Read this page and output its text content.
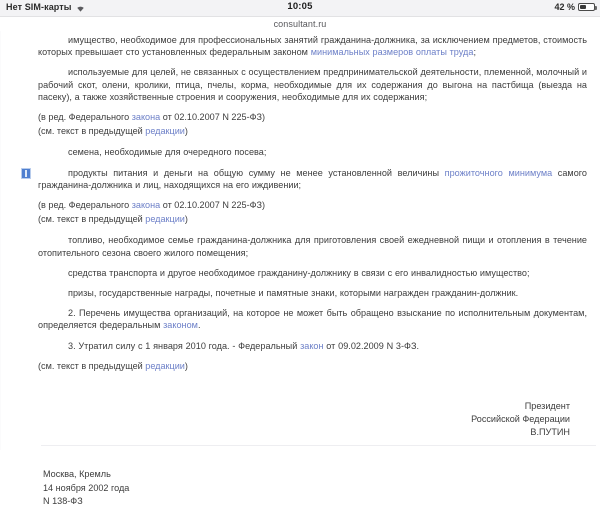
Нет SIM-карты	10:05	42 %
consultant.ru

имущество, необходимое для профессиональных занятий гражданина-должника, за исключением предметов, стоимость которых превышает сто установленных федеральным законом минимальных размеров оплаты труда;

используемые для целей, не связанных с осуществлением предпринимательской деятельности, племенной, молочный и рабочий скот, олени, кролики, птица, пчелы, корма, необходимые для их содержания до выгона на пастбища (выезда на пасеку), а также хозяйственные строения и сооружения, необходимые для их содержания;

(в ред. Федерального закона от 02.10.2007 N 225-ФЗ)

(см. текст в предыдущей редакции)

семена, необходимые для очередного посева;

продукты питания и деньги на общую сумму не менее установленной величины прожиточного минимума самого гражданина-должника и лиц, находящихся на его иждивении;

(в ред. Федерального закона от 02.10.2007 N 225-ФЗ)

(см. текст в предыдущей редакции)

топливо, необходимое семье гражданина-должника для приготовления своей ежедневной пищи и отопления в течение отопительного сезона своего жилого помещения;

средства транспорта и другое необходимое гражданину-должнику в связи с его инвалидностью имущество;

призы, государственные награды, почетные и памятные знаки, которыми награжден гражданин-должник.

2. Перечень имущества организаций, на которое не может быть обращено взыскание по исполнительным документам, определяется федеральным законом.

3. Утратил силу с 1 января 2010 года. - Федеральный закон от 09.02.2009 N 3-ФЗ.

(см. текст в предыдущей редакции)

Президент
Российской Федерации
В.ПУТИН
Москва, Кремль
14 ноября 2002 года
N 138-ФЗ
